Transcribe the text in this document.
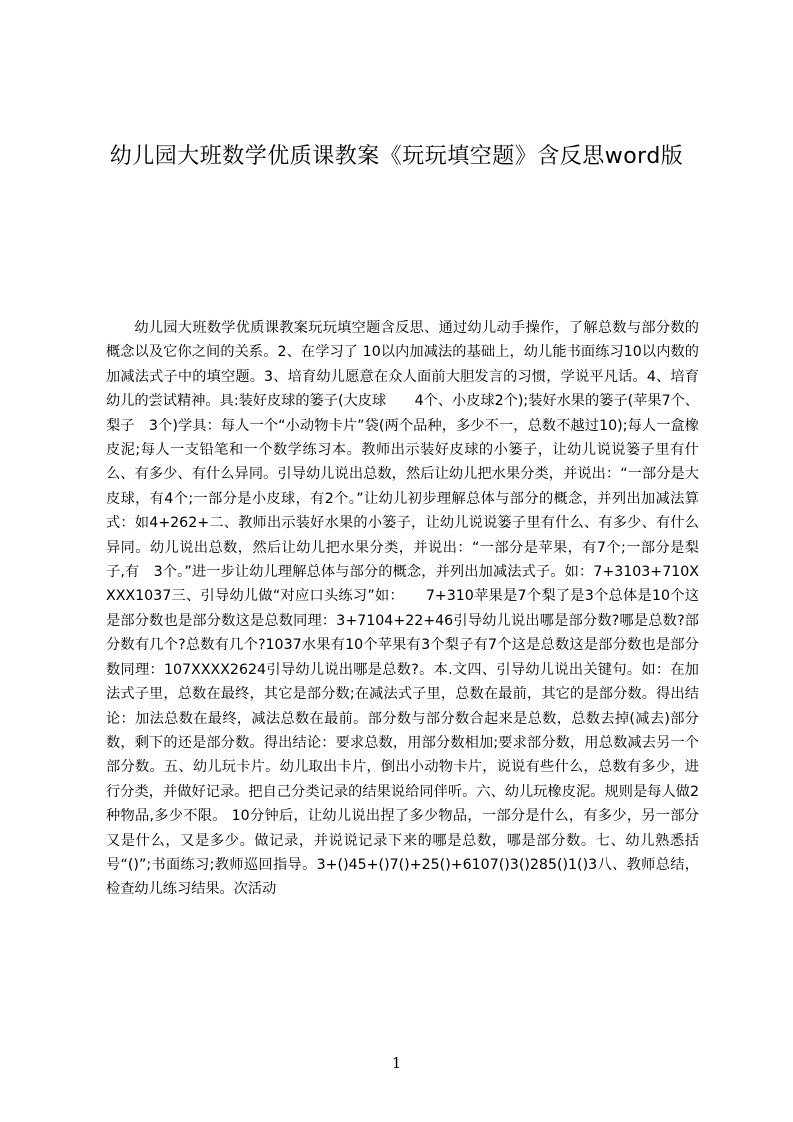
幼儿园大班数学优质课教案《玩玩填空题》含反思word版

幼儿园大班数学优质课教案玩玩填空题含反思、通过幼儿动手操作，了解总数与部分数的概念以及它你之间的关系。2、在学习了 10以内加减法的基础上，幼儿能书面练习10以内数的加减法式子中的填空题。3、培育幼儿愿意在众人面前大胆发言的习惯，学说平凡话。4、培育幼儿的尝试精神。具:装好皮球的篓子(大皮球　　4个、小皮球2个);装好水果的篓子(苹果7个、梨子　3个)学具：每人一个“小动物卡片”袋(两个品种，多少不一，总数不越过10);每人一盒橡皮泥;每人一支铅笔和一个数学练习本。教师出示装好皮球的小篓子，让幼儿说说篓子里有什么、有多少、有什么异同。引导幼儿说出总数，然后让幼儿把水果分类，并说出：“一部分是大皮球，有4个;一部分是小皮球，有2个。”让幼儿初步理解总体与部分的概念，并列出加减法算式：如4+262+二、教师出示装好水果的小篓子，让幼儿说说篓子里有什么、有多少、有什么异同。幼儿说出总数，然后让幼儿把水果分类，并说出：“一部分是苹果，有7个;一部分是梨子,有　3个。”进一步让幼儿理解总体与部分的概念，并列出加减法式子。如：7+3103+710XXXX1037三、引导幼儿做“对应口头练习”如：　　7+310苹果是7个梨了是3个总体是10个这是部分数也是部分数这是总数同理：3+7104+22+46引导幼儿说出哪是部分数?哪是总数?部分数有几个?总数有几个?1037水果有10个苹果有3个梨子有7个这是总数这是部分数也是部分数同理：107XXXX2624引导幼儿说出哪是总数?。本.文四、引导幼儿说出关键句。如：在加法式子里，总数在最终，其它是部分数;在减法式子里，总数在最前，其它的是部分数。得出结论：加法总数在最终，减法总数在最前。部分数与部分数合起来是总数，总数去掉(减去)部分数，剩下的还是部分数。得出结论：要求总数，用部分数相加;要求部分数，用总数减去另一个部分数。五、幼儿玩卡片。幼儿取出卡片，倒出小动物卡片，说说有些什么，总数有多少，进行分类，并做好记录。把自己分类记录的结果说给同伴听。六、幼儿玩橡皮泥。规则是每人做2种物品,多少不限。 10分钟后，让幼儿说出捏了多少物品，一部分是什么，有多少，另一部分又是什么，又是多少。做记录，并说说记录下来的哪是总数，哪是部分数。七、幼儿熟悉括号“()”;书面练习;教师巡回指导。3+()45+()7()+25()+6107()3()285()1()3八、教师总结，检查幼儿练习结果。次活动

1
